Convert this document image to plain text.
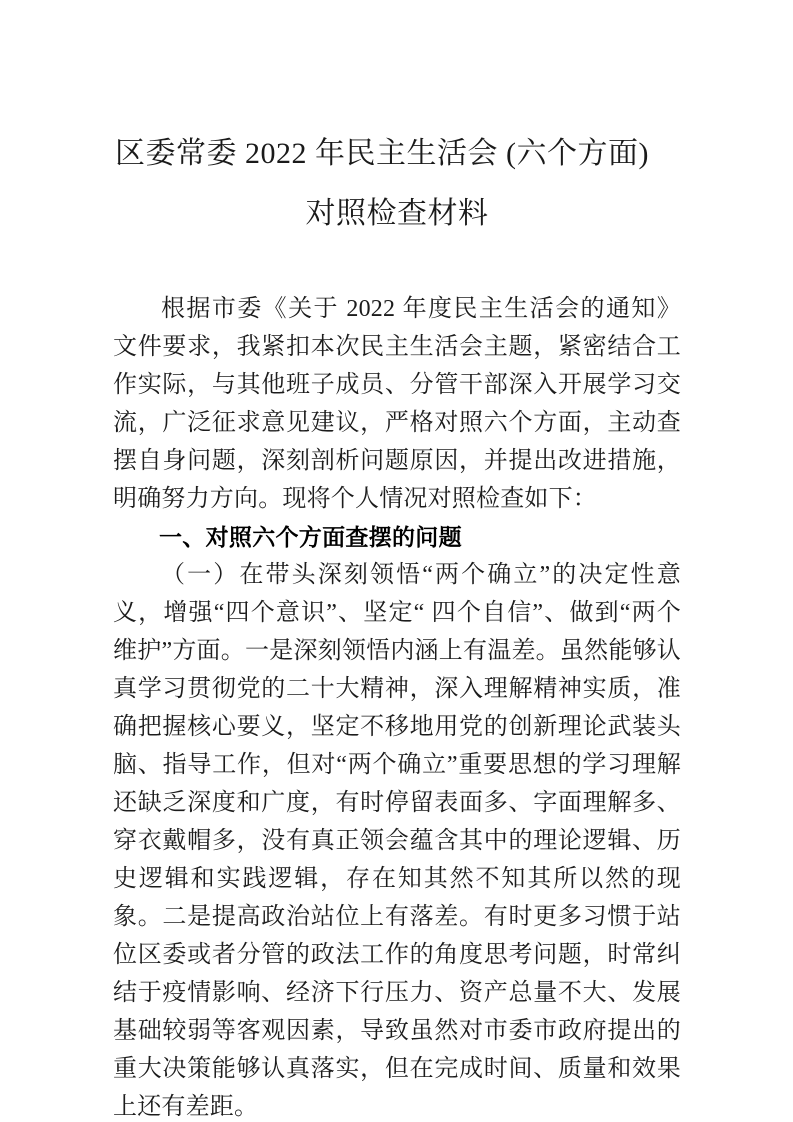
区委常委 2022 年民主生活会 (六个方面)
对照检查材料

根据市委《关于 2022 年度民主生活会的通知》文件要求，我紧扣本次民主生活会主题，紧密结合工作实际，与其他班子成员、分管干部深入开展学习交流，广泛征求意见建议，严格对照六个方面，主动查摆自身问题，深刻剖析问题原因，并提出改进措施，明确努力方向。现将个人情况对照检查如下：

一、对照六个方面查摆的问题

（一）在带头深刻领悟“两个确立”的决定性意义，增强“四个意识”、坚定“ 四个自信”、做到“两个维护”方面。一是深刻领悟内涵上有温差。虽然能够认真学习贯彻党的二十大精神，深入理解精神实质，准确把握核心要义，坚定不移地用党的创新理论武装头脑、指导工作，但对“两个确立”重要思想的学习理解还缺乏深度和广度，有时停留表面多、字面理解多、穿衣戴帽多，没有真正领会蕴含其中的理论逻辑、历史逻辑和实践逻辑，存在知其然不知其所以然的现象。二是提高政治站位上有落差。有时更多习惯于站位区委或者分管的政法工作的角度思考问题，时常纠结于疫情影响、经济下行压力、资产总量不大、发展基础较弱等客观因素，导致虽然对市委市政府提出的重大决策能够认真落实，但在完成时间、质量和效果上还有差距。
